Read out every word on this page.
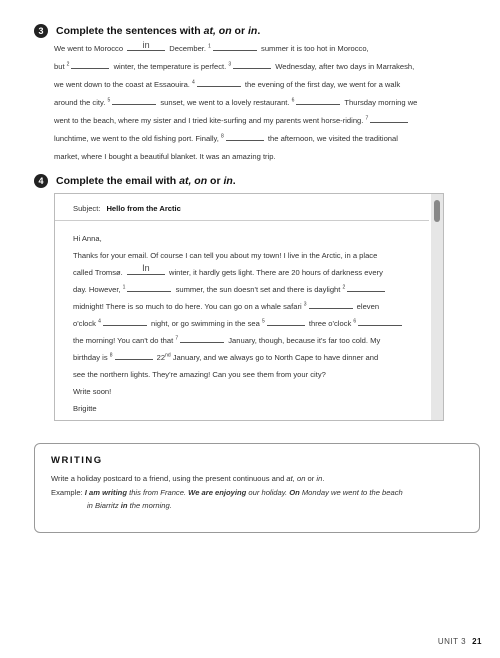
3	Complete the sentences with at, on or in.
We went to Morocco	in	December. $^1$	summer it is too hot in Morocco,
but $^2$	winter, the temperature is perfect. $^3$	Wednesday, after two days in Marrakesh,
we went down to the coast at Essaouira. $^4$	the evening of the first day, we went for a walk
around the city. $^5$	sunset, we went to a lovely restaurant. $^6$	Thursday morning we
went to the beach, where my sister and I tried kite-surfing and my parents went horse-riding. $^7$
lunchtime, we went to the old fishing port. Finally, $^8$	the afternoon, we visited the traditional
market, where I bought a beautiful blanket. It was an amazing trip.
4	Complete the email with at, on or in.
Subject: Hello from the Arctic
Hi Anna,
Thanks for your email. Of course I can tell you about my town! I live in the Arctic, in a place
called Tromsø.	In	winter, it hardly gets light. There are 20 hours of darkness every
day. However, $^1$	summer, the sun doesn't set and there is daylight $^2$
midnight! There is so much to do here. You can go on a whale safari $^3$	eleven
o'clock $^4$	night, or go swimming in the sea $^5$	three o'clock $^6$
the morning! You can't do that $^7$	January, though, because it's far too cold. My
birthday is $^8$	22nd January, and we always go to North Cape to have dinner and
see the northern lights. They're amazing! Can you see them from your city?
Write soon!
Brigitte
WRITING
Write a holiday postcard to a friend, using the present continuous and at, on or in.
Example: I am writing this from France. We are enjoying our holiday. On Monday we went to the beach
in Biarritz in the morning.
UNIT 3 21
